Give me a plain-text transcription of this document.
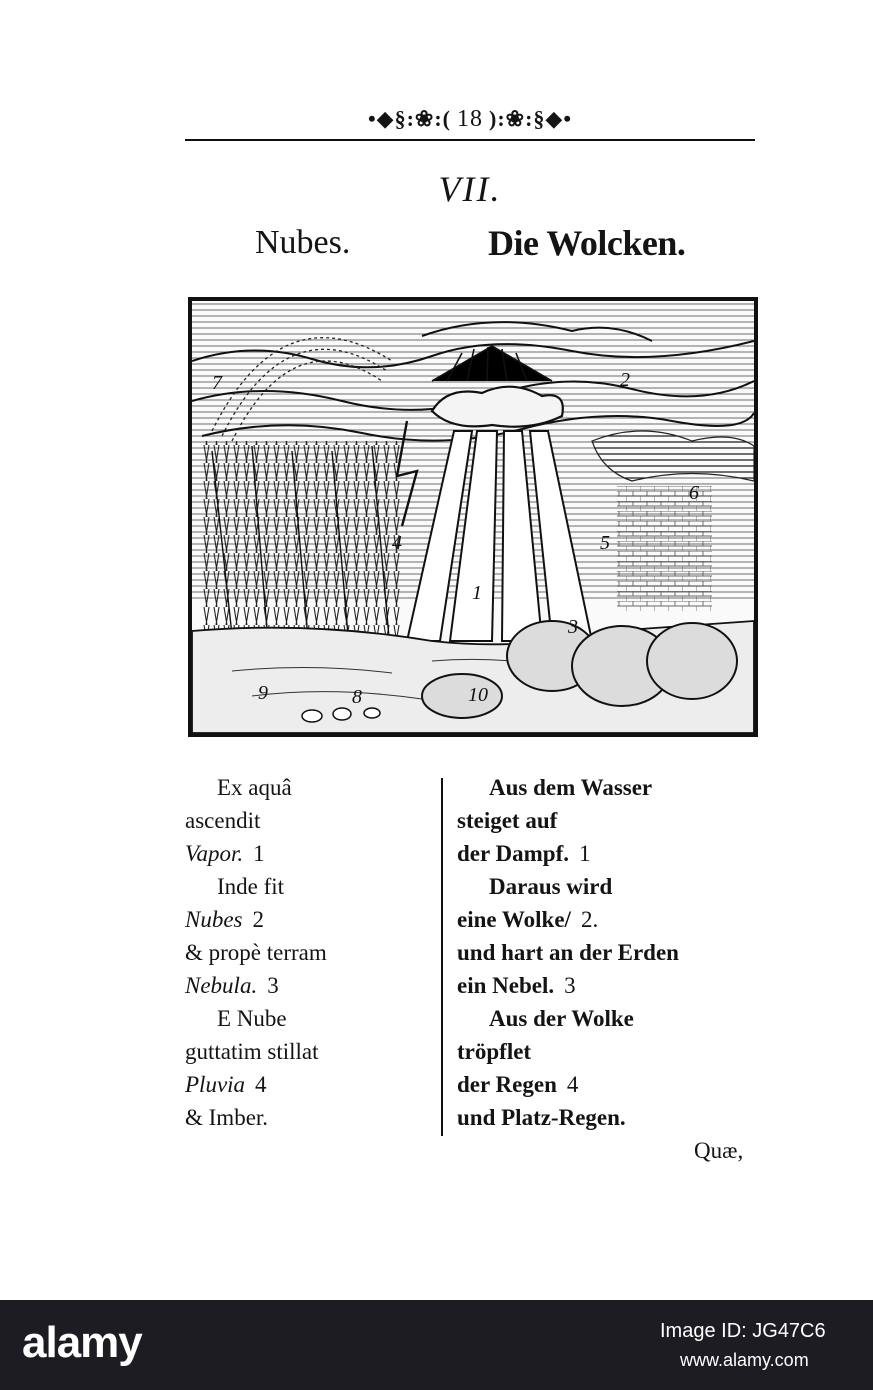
•◆§:❀:( 18 ):❀:§◆•
VII.
Nubes.	Die Wolcken.
1
2
3
4	5
6
7
8
9	10
Ex aquâ
ascendit
Vapor. 1
Inde fit
Nubes 2
& propè terram
Nebula. 3
E Nube
guttatim stillat
Pluvia 4
& Imber.
Aus dem Wasser
steiget auf
der Dampf. 1
Daraus wird
eine Wolke/ 2.
und hart an der Erden
ein Nebel. 3
Aus der Wolke
tröpflet
der Regen 4
und Platz-Regen.
Quæ,
alamy	Image ID: JG47C6
www.alamy.com
